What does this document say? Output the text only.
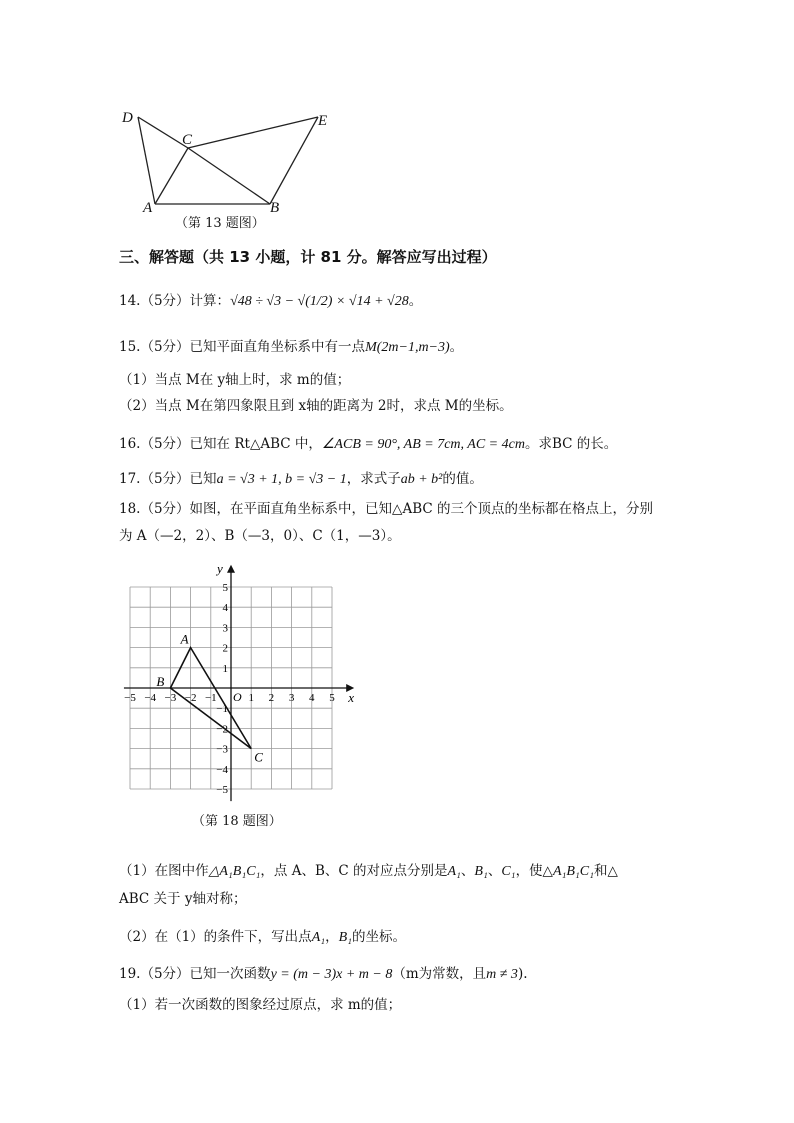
D
C
E
A	B
（第 13 题图）
三、解答题（共 13 小题，计 81 分。解答应写出过程）
14.（5分）计算：√48 ÷ √3 − √(1/2) × √14 + √28。
15.（5分）已知平面直角坐标系中有一点M(2m−1,m−3)。
（1）当点 M在 y轴上时，求 m的值；
（2）当点 M在第四象限且到 x轴的距离为 2时，求点 M的坐标。
16.（5分）已知在 Rt△ABC 中，∠ACB = 90°, AB = 7cm, AC = 4cm。求BC 的长。
17.（5分）已知a = √3 + 1, b = √3 − 1，求式子ab + b²的值。
18.（5分）如图，在平面直角坐标系中，已知△ABC 的三个顶点的坐标都在格点上，分别
为 A（—2，2）、B（—3，0）、C（1，—3）。
x
y
O
−5 −4 −3 −2 −1	1 2 3 4 5
5
4
3
2
1
−1
−2
−3
−4
−5
A
B
C
（第 18 题图）
（1）在图中作△A₁B₁C₁，点 A、B、C 的对应点分别是A₁、B₁、C₁，使△A₁B₁C₁和△
ABC 关于 y轴对称；
（2）在（1）的条件下，写出点A₁，B₁的坐标。
19.（5分）已知一次函数y = (m − 3)x + m − 8（m为常数，且m ≠ 3).
（1）若一次函数的图象经过原点，求 m的值；
